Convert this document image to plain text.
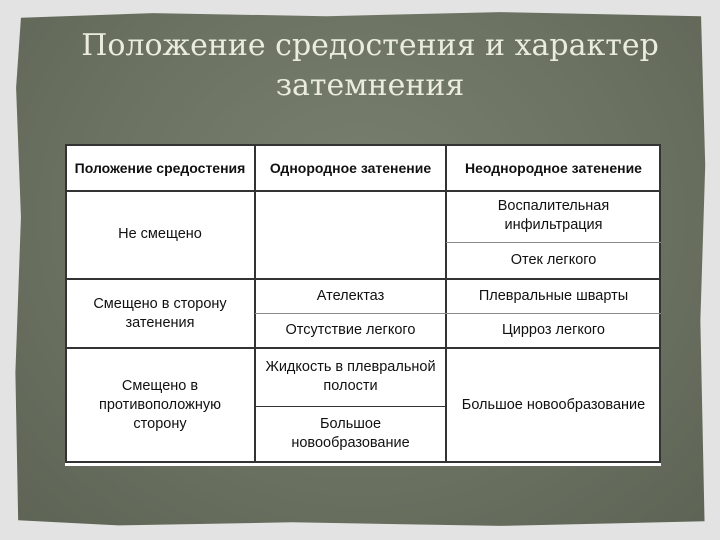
Положение средостения и характер
затемнения
Положение средостения	Однородное затенение	Неоднородное затенение
Не смещено
Воспалительная
инфильтрация
Отек легкого
Смещено в сторону
затенения
Ателектаз
Отсутствие легкого
Плевральные шварты
Цирроз легкого
Смещено в
противоположную
сторону
Жидкость в плевральной
полости
Большое
новообразование
Большое новообразование
